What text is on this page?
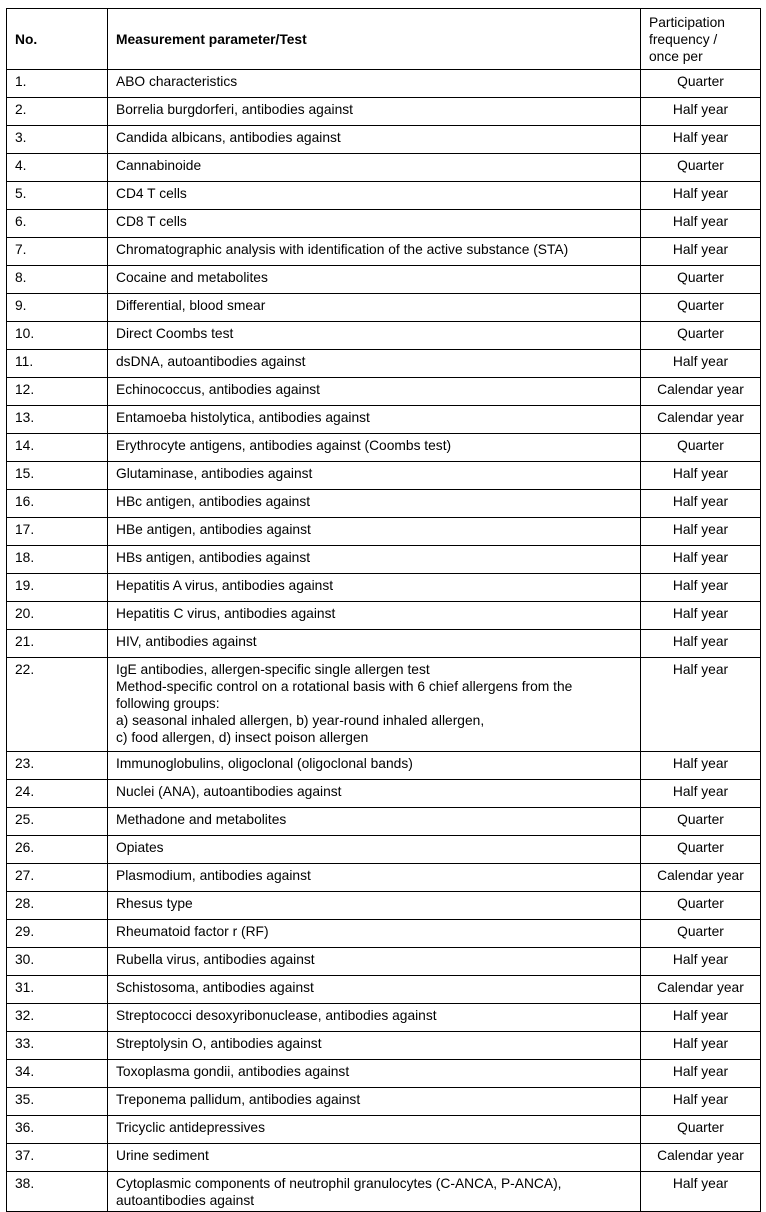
No.	Measurement parameter/Test	Participation
frequency /
once per

1.	ABO characteristics	Quarter
2.	Borrelia burgdorferi, antibodies against	Half year
3.	Candida albicans, antibodies against	Half year
4.	Cannabinoide	Quarter
5.	CD4 T cells	Half year
6.	CD8 T cells	Half year
7.	Chromatographic analysis with identification of the active substance (STA)	Half year
8.	Cocaine and metabolites	Quarter
9.	Differential, blood smear	Quarter
10.	Direct Coombs test	Quarter
11.	dsDNA, autoantibodies against	Half year
12.	Echinococcus, antibodies against	Calendar year
13.	Entamoeba histolytica, antibodies against	Calendar year
14.	Erythrocyte antigens, antibodies against (Coombs test)	Quarter
15.	Glutaminase, antibodies against	Half year
16.	HBc antigen, antibodies against	Half year
17.	HBe antigen, antibodies against	Half year
18.	HBs antigen, antibodies against	Half year
19.	Hepatitis A virus, antibodies against	Half year
20.	Hepatitis C virus, antibodies against	Half year
21.	HIV, antibodies against	Half year
22.	IgE antibodies, allergen-specific single allergen test
Method-specific control on a rotational basis with 6 chief allergens from the
following groups:
a) seasonal inhaled allergen, b) year-round inhaled allergen,
c) food allergen, d) insect poison allergen	Half year
23.	Immunoglobulins, oligoclonal (oligoclonal bands)	Half year
24.	Nuclei (ANA), autoantibodies against	Half year
25.	Methadone and metabolites	Quarter
26.	Opiates	Quarter
27.	Plasmodium, antibodies against	Calendar year
28.	Rhesus type	Quarter
29.	Rheumatoid factor r (RF)	Quarter
30.	Rubella virus, antibodies against	Half year
31.	Schistosoma, antibodies against	Calendar year
32.	Streptococci desoxyribonuclease, antibodies against	Half year
33.	Streptolysin O, antibodies against	Half year
34.	Toxoplasma gondii, antibodies against	Half year
35.	Treponema pallidum, antibodies against	Half year
36.	Tricyclic antidepressives	Quarter
37.	Urine sediment	Calendar year
38.	Cytoplasmic components of neutrophil granulocytes (C-ANCA, P-ANCA),
autoantibodies against	Half year
